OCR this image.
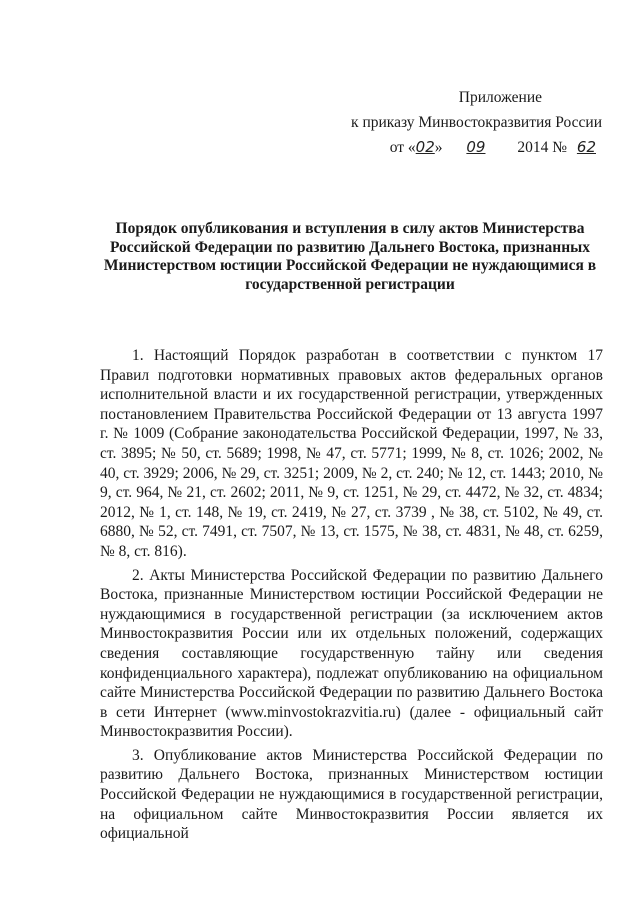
Приложение
к приказу Минвостокразвития России
от «02» 09 2014 № 62
Порядок опубликования и вступления в силу актов Министерства Российской Федерации по развитию Дальнего Востока, признанных Министерством юстиции Российской Федерации не нуждающимися в государственной регистрации

1. Настоящий Порядок разработан в соответствии с пунктом 17 Правил подготовки нормативных правовых актов федеральных органов исполнительной власти и их государственной регистрации, утвержденных постановлением Правительства Российской Федерации от 13 августа 1997 г. № 1009 (Собрание законодательства Российской Федерации, 1997, № 33, ст. 3895; № 50, ст. 5689; 1998, № 47, ст. 5771; 1999, № 8, ст. 1026; 2002, № 40, ст. 3929; 2006, № 29, ст. 3251; 2009, № 2, ст. 240; № 12, ст. 1443; 2010, № 9, ст. 964, № 21, ст. 2602; 2011, № 9, ст. 1251, № 29, ст. 4472, № 32, ст. 4834; 2012, № 1, ст. 148, № 19, ст. 2419, № 27, ст. 3739 , № 38, ст. 5102, № 49, ст. 6880, № 52, ст. 7491, ст. 7507, № 13, ст. 1575, № 38, ст. 4831, № 48, ст. 6259, № 8, ст. 816).

2. Акты Министерства Российской Федерации по развитию Дальнего Востока, признанные Министерством юстиции Российской Федерации не нуждающимися в государственной регистрации (за исключением актов Минвостокразвития России или их отдельных положений, содержащих сведения составляющие государственную тайну или сведения конфиденциального характера), подлежат опубликованию на официальном сайте Министерства Российской Федерации по развитию Дальнего Востока в сети Интернет (www.minvostokrazvitia.ru) (далее - официальный сайт Минвостокразвития России).

3. Опубликование актов Министерства Российской Федерации по развитию Дальнего Востока, признанных Министерством юстиции Российской Федерации не нуждающимися в государственной регистрации, на официальном сайте Минвостокразвития России является их официальной
